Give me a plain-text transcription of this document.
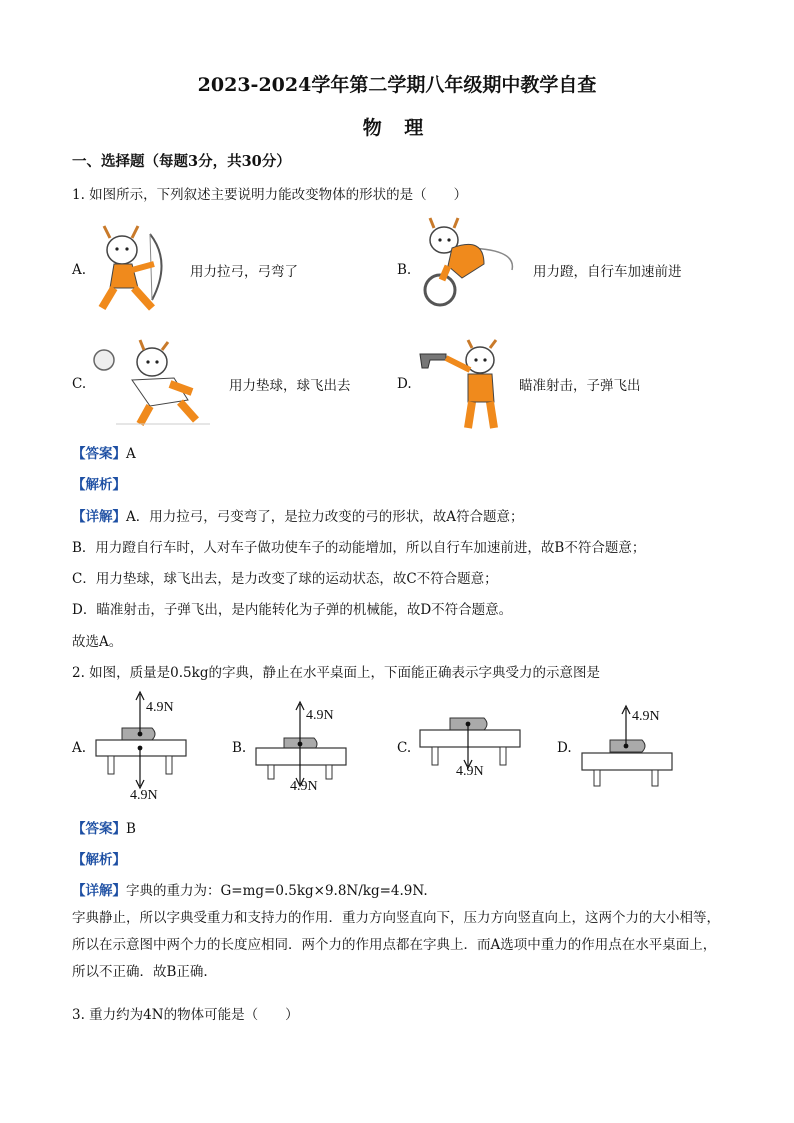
2023-2024学年第二学期八年级期中教学自查
物 理
一、选择题（每题3分，共30分）
1. 如图所示，下列叙述主要说明力能改变物体的形状的是（　　）
A.	用力拉弓，弓弯了	B.	用力蹬，自行车加速前进
C.	用力垫球，球飞出去	D.	瞄准射击，子弹飞出
【答案】A
【解析】
【详解】A．用力拉弓，弓变弯了，是拉力改变的弓的形状，故A符合题意；
B．用力蹬自行车时，人对车子做功使车子的动能增加，所以自行车加速前进，故B不符合题意；
C．用力垫球，球飞出去，是力改变了球的运动状态，故C不符合题意；
D．瞄准射击，子弹飞出，是内能转化为子弹的机械能，故D不符合题意。
故选A。
2. 如图，质量是0.5kg的字典，静止在水平桌面上，下面能正确表示字典受力的示意图是
A.
4.9N
4.9N
B.
4.9N
4.9N
C.
4.9N
D.
4.9N
【答案】B
【解析】
【详解】字典的重力为：G=mg=0.5kg×9.8N/kg=4.9N.
字典静止，所以字典受重力和支持力的作用．重力方向竖直向下，压力方向竖直向上，这两个力的大小相等，所以在示意图中两个力的长度应相同．两个力的作用点都在字典上．而A选项中重力的作用点在水平桌面上，所以不正确．故B正确.
3. 重力约为4N的物体可能是（　　）
